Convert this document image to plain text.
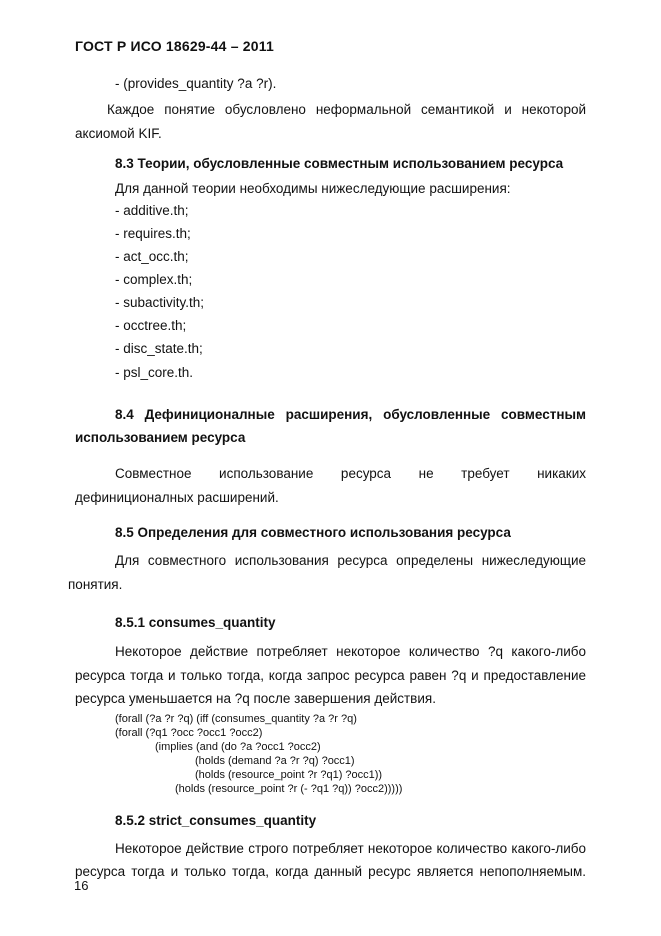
ГОСТ Р ИСО 18629-44 – 2011
- (provides_quantity ?a ?r).
Каждое понятие обусловлено неформальной семантикой и некоторой
аксиомой KIF.
8.3 Теории, обусловленные совместным использованием ресурса
Для данной теории необходимы нижеследующие расширения:
- additive.th;
- requires.th;
- act_occ.th;
- complex.th;
- subactivity.th;
- occtree.th;
- disc_state.th;
- psl_core.th.
8.4 Дефиниционалные расширения, обусловленные совместным
использованием ресурса
Совместное использование ресурса не требует никаких
дефиниционалных расширений.
8.5 Определения для совместного использования ресурса
Для совместного использования ресурса определены нижеследующие
понятия.
8.5.1 consumes_quantity
Некоторое действие потребляет некоторое количество ?q какого-либо
ресурса тогда и только тогда, когда запрос ресурса равен ?q и предоставление
ресурса уменьшается на ?q после завершения действия.
(forall (?a ?r ?q) (iff (consumes_quantity ?a ?r ?q)
(forall (?q1 ?occ ?occ1 ?occ2)
(implies (and (do ?a ?occ1 ?occ2)
(holds (demand ?a ?r ?q) ?occ1)
(holds (resource_point ?r ?q1) ?occ1))
(holds (resource_point ?r (- ?q1 ?q)) ?occ2)))))
8.5.2 strict_consumes_quantity
Некоторое действие строго потребляет некоторое количество какого-либо
ресурса тогда и только тогда, когда данный ресурс является непополняемым.
16
